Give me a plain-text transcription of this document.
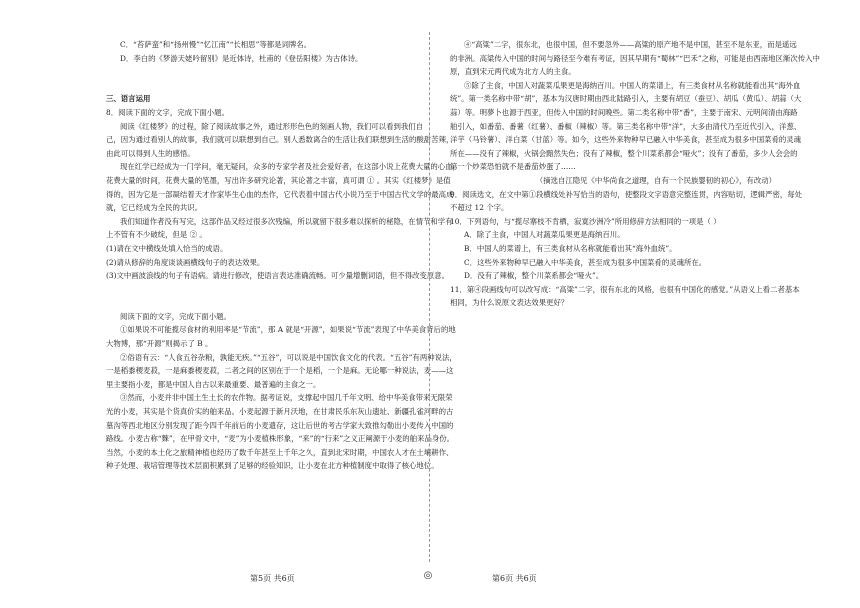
C．“苔萨蛮”和“扬州慢”“忆江南”“长相思”等都是词牌名。
D．李白的《梦游天姥吟留别》是近体诗，杜甫的《登岳阳楼》为古体诗。
三、语言运用
8．阅读下面的文字，完成下面小题。
阅读《红楼梦》的过程，除了阅读故事之外，通过形形色色的刻画人物，我们可以看到我们自
己，因为通过看别人的故事，我们就可以联想到自己。别人悉数离合的生活让我们联想到生活的酸甜苦辣，
由此可以得到人生的感悟。
现在红学已经成为一门学问，毫无疑问，众多的专家学者及社会爱好者，在这部小说上花费大量的心血，
花费大量的时间，花费大量的笔墨，写出许多研究论著，其论著之丰富，真可谓 ① 。其实《红楼梦》是值
得的，因为它是一部凝结着天才作家毕生心血的杰作，它代表着中国古代小说乃至于中国古代文学的最高成
就，它已经成为全民的共识。
我们知道作者没有写完，这部作品又经过很多次残编，所以就留下很多难以探析的秘隐，在情节和学有
上不管有不少破绽，但是 ② 。
(1)请在文中横线处填入恰当的成语。
(2)请从修辞的角度谈谈画横线句子的表达效果。
(3)文中画波浪线的句子有语病。请进行修改，使语言表达准确流畅。可少量增删词语，但不得改变原意。
阅读下面的文字，完成下面小题。
①如果说不可能揽尽食材的利用率是“节流”，那 A 就是“开源”，如果说“节流”表现了中华美食背后的地
大物博，那“开源”则揭示了 B 。
②俗语有云：“人食五谷杂粮，孰能无疾。”“五谷”，可以说是中国饮食文化的代表。“五谷”有两种说法，
一是稻黍稷麦菽，一是麻黍稷麦菽，二者之间的区别在于一个是稻，一个是麻。无论哪一种说法，麦——这
里主要指小麦，都是中国人自古以来最重要、最普遍的主食之一。
③然而，小麦并非中国土生土长的农作物。据考证说，支撑起中国几千年文明、给中华美食带来无限荣
光的小麦，其实是个货真价实的舶来品。小麦起源于新月沃地，在甘肃民乐东灰山遗址、新疆孔雀河畔的古
墓沟等西北地区分别发现了距今四千年前后的小麦遗存，这让后世的考古学家大致推勾勒出小麦传入中国的
路线。小麦古称“麳”，在甲骨文中，“麦”为小麦植株形象，“来”的“行来”之义正阐源于小麦的舶来品身份。
当然，小麦的本土化之旅精神植也经历了数千年甚至上千年之久，直到北宋时期，中国农人才在土壤耕作、
种子处理、栽培管理等技术层面积累到了足够的经验知识，让小麦在北方种植制度中取得了核心地位。
④“高粱”二字，很东北，也很中国，但不要忽外——高粱的原产地不是中国，甚至不是东亚，而是遥远
的非洲。高粱传入中国的时间与路径至今难有考证，因其早期有“蜀林”“巴禾”之称，可能是由西南地区渐次传入中
原，直到宋元两代成为北方人的主食。
⑤除了主食，中国人对蔬菜瓜果更是海纳百川。中国人的菜谱上，有三类食材从名称就能看出其“海外血
统”。第一类名称中带“胡”，基本为汉唐时期由西北陆路引入，主要有胡豆（蚕豆）、胡瓜（黄瓜）、胡蒜（大
蒜）等。明夢卜也源于西亚，但传入中国的时间晚些。第二类名称中带“番”，主要于南宋、元明间清由海路
舶引入，如番茄、番薯（红薯）、番椒（辣椒）等。第三类名称中带“洋”，大多由清代乃至近代引入，洋葱、
洋芋（马铃薯）、洋白菜（甘蓝）等。如今，这些外来物种早已融入中华美食，甚至成为很多中国菜肴的灵魂
所在——没有了辣椒，火锅会黯然失色；没有了辣椒，整个川菜系都会“哑火”；没有了番茄，多少人会会的
第一个炒菜恐怕就不是番茄炒蛋了……
（摘选自江隐见《中华尚食之道理，自有一个民族婴韧的初心》，有改动）
9．阅读选文，在文中第①段横线处补写恰当的语句，使整段文字语意完整连贯，内容贴切，逻辑严密，每处
不超过 12 个字。
10．下列语句，与“揽尽寨枝不肯栖，寂寞沙洲冷”所用修辞方法相同的一项是（ ）
A．除了主食，中国人对蔬菜瓜果更是海纳百川。
B．中国人的菜谱上，有三类食材从名称就能看出其“海外血统”。
C．这些外来物种早已融入中华美食，甚至成为很多中国菜肴的灵魂所在。
D．没有了辣椒，整个川菜系都会“哑火”。
11．第④段画线句可以改写成：“高粱”二字，很有东北的风格，也很有中国化的感觉。”从语义上看二者基本
相同，为什么说原文表达效果更好？
第5页 共6页	◎	第6页 共6页
